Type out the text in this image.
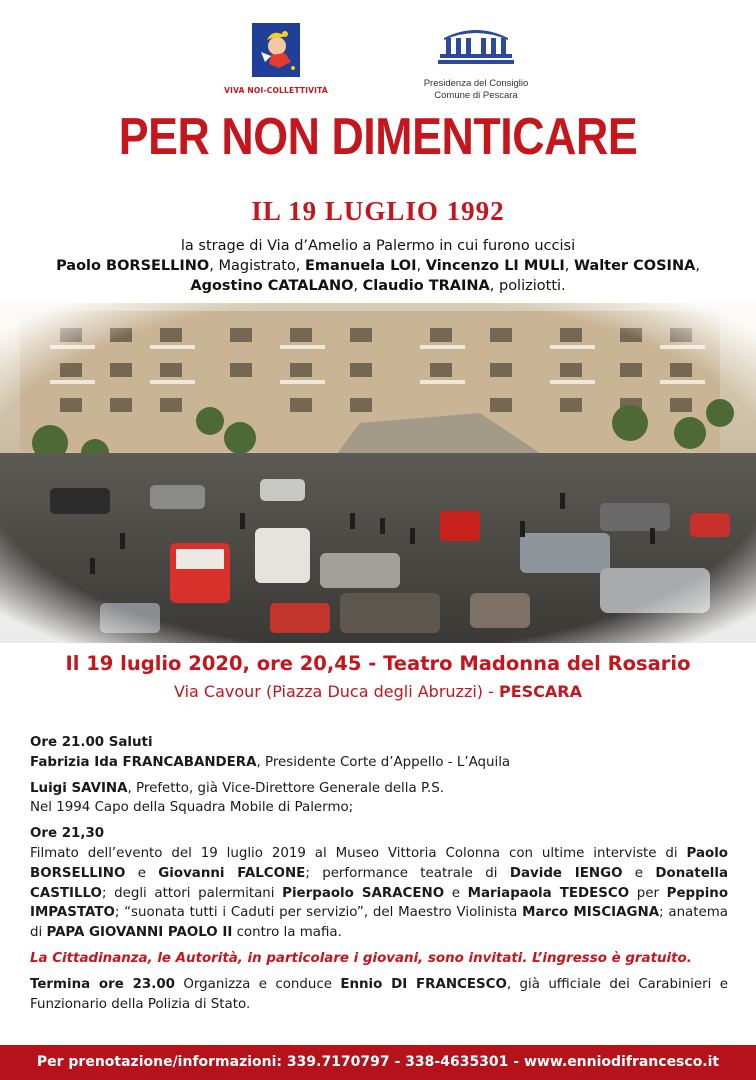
VIVA NOI-COLLETTIVITÀ
Presidenza del Consiglio
Comune di Pescara
PER NON DIMENTICARE
IL 19 LUGLIO 1992
la strage di Via d’Amelio a Palermo in cui furono uccisi
Paolo BORSELLINO, Magistrato, Emanuela LOI, Vincenzo LI MULI, Walter COSINA,
Agostino CATALANO, Claudio TRAINA, poliziotti.
Il 19 luglio 2020, ore 20,45 - Teatro Madonna del Rosario
Via Cavour (Piazza Duca degli Abruzzi) - PESCARA

Ore 21.00 Saluti

Fabrizia Ida FRANCABANDERA, Presidente Corte d’Appello - L’Aquila

Luigi SAVINA, Prefetto, già Vice-Direttore Generale della P.S.

Nel 1994 Capo della Squadra Mobile di Palermo;

Ore 21,30

Filmato dell’evento del 19 luglio 2019 al Museo Vittoria Colonna con ultime interviste di Paolo BORSELLINO e Giovanni FALCONE; performance teatrale di Davide IENGO e Donatella CASTILLO; degli attori palermitani Pierpaolo SARACENO e Mariapaola TEDESCO per Peppino IMPASTATO; “suonata tutti i Caduti per servizio”, del Maestro Violinista Marco MISCIAGNA; anatema di PAPA GIOVANNI PAOLO II contro la mafia.

La Cittadinanza, le Autorità, in particolare i giovani, sono invitati. L’ingresso è gratuito.

Termina ore 23.00 Organizza e conduce Ennio DI FRANCESCO, già ufficiale dei Carabinieri e Funzionario della Polizia di Stato.

Per prenotazione/informazioni: 339.7170797 - 338-4635301 - www.enniodifrancesco.it
